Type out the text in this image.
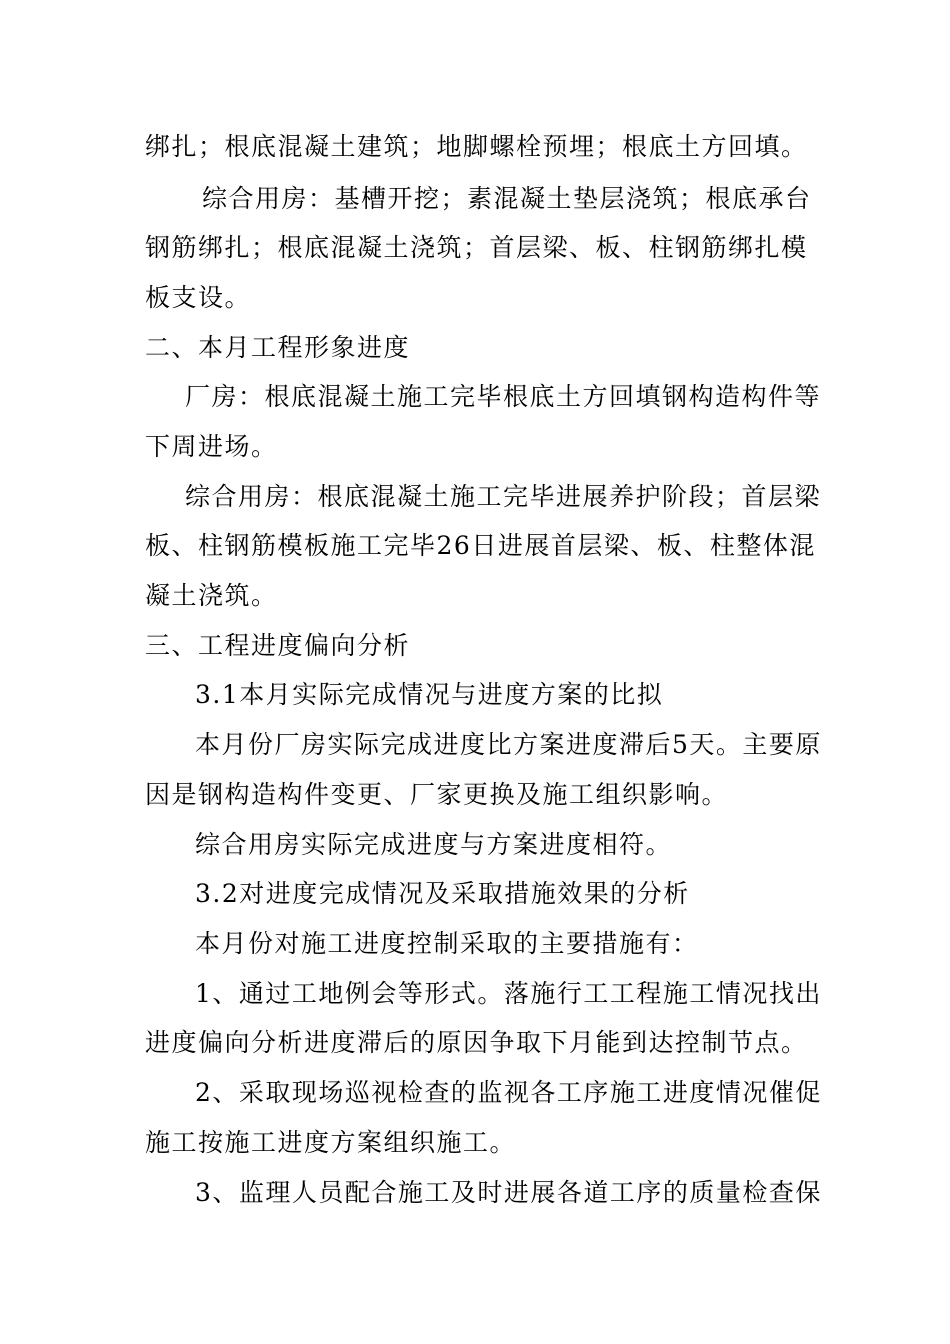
绑扎；根底混凝土建筑；地脚螺栓预埋；根底土方回填。
综合用房：基槽开挖；素混凝土垫层浇筑；根底承台
钢筋绑扎；根底混凝土浇筑；首层梁、板、柱钢筋绑扎模
板支设。
二、本月工程形象进度
厂房：根底混凝土施工完毕根底土方回填钢构造构件等
下周进场。
综合用房：根底混凝土施工完毕进展养护阶段；首层梁
板、柱钢筋模板施工完毕26日进展首层梁、板、柱整体混
凝土浇筑。
三、工程进度偏向分析
3.1本月实际完成情况与进度方案的比拟
本月份厂房实际完成进度比方案进度滞后5天。主要原
因是钢构造构件变更、厂家更换及施工组织影响。
综合用房实际完成进度与方案进度相符。
3.2对进度完成情况及采取措施效果的分析
本月份对施工进度控制采取的主要措施有：
1、通过工地例会等形式。落施行工工程施工情况找出
进度偏向分析进度滞后的原因争取下月能到达控制节点。
2、采取现场巡视检查的监视各工序施工进度情况催促
施工按施工进度方案组织施工。
3、监理人员配合施工及时进展各道工序的质量检查保
